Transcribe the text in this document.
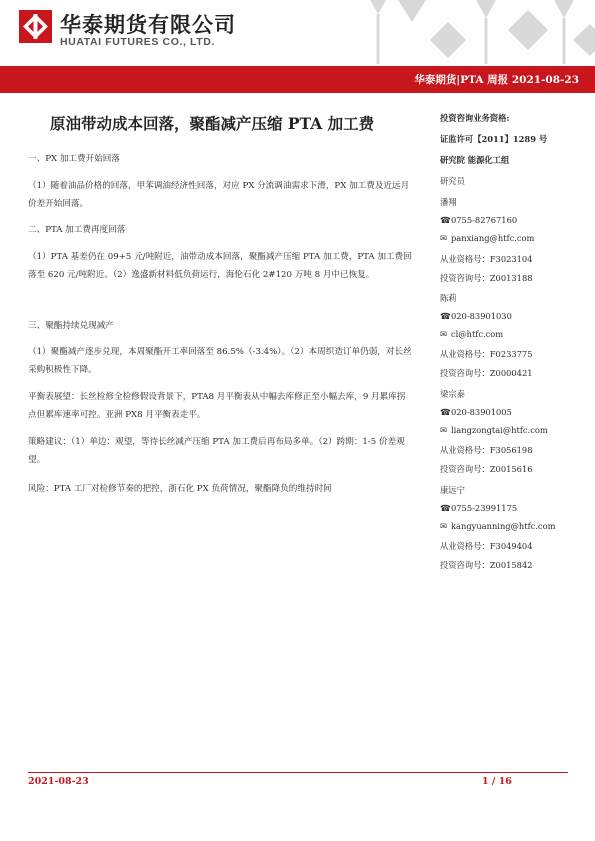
华泰期货有限公司
HUATAI FUTURES CO., LTD.
华泰期货|PTA 周报 2021-08-23
原油带动成本回落，聚酯减产压缩 PTA 加工费
一、PX 加工费开始回落
（1）随着油品价格的回落，甲苯调油经济性回落，对应 PX 分流调油需求下滑，PX 加工费及近远月价差开始回落。
二、PTA 加工费再度回落
（1）PTA 基差仍在 09+5 元/吨附近，油带动成本回落，聚酯减产压缩 PTA 加工费，PTA 加工费回落至 620 元/吨附近。（2）逸盛新材料低负荷运行，海伦石化 2#120 万吨 8 月中已恢复。
三、聚酯持续兑现减产
（1）聚酯减产逐步兑现，本周聚酯开工率回落至 86.5%（-3.4%）。（2）本周织造订单仍弱，对长丝采购积极性下降。
平衡表展望：长丝检修全检修假设背景下，PTA8 月平衡表从中幅去库修正至小幅去库，9 月累库拐点但累库速率可控。亚洲 PX8 月平衡表走平。
策略建议：（1）单边：观望，等待长丝减产压缩 PTA 加工费后再布局多单。（2）跨期：1-5 价差观望。
风险：PTA 工厂对检修节奏的把控，浙石化 PX 负荷情况，聚酯降负的维持时间
投资咨询业务资格:
证监许可【2011】1289 号
研究院 能源化工组
研究员
潘翔
☎0755-82767160
✉ panxiang@htfc.com
从业资格号：F3023104
投资咨询号：Z0013188
陈莉
☎020-83901030
✉ cl@htfc.com
从业资格号：F0233775
投资咨询号：Z0000421
梁宗泰
☎020-83901005
✉ liangzongtai@htfc.com
从业资格号：F3056198
投资咨询号：Z0015616
康远宁
☎0755-23991175
✉ kangyuanning@htfc.com
从业资格号：F3049404
投资咨询号：Z0015842
2021-08-23	1 / 16
